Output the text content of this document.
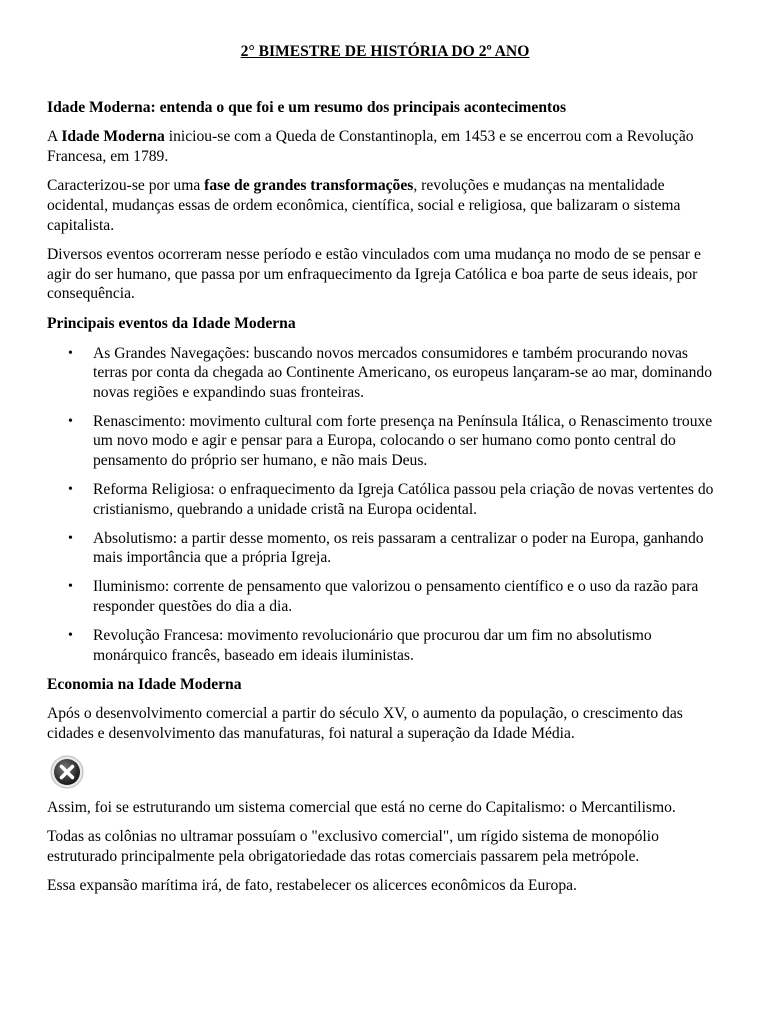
2° BIMESTRE DE HISTÓRIA DO 2º ANO
Idade Moderna: entenda o que foi e um resumo dos principais acontecimentos

A Idade Moderna iniciou-se com a Queda de Constantinopla, em 1453 e se encerrou com a Revolução Francesa, em 1789.

Caracterizou-se por uma fase de grandes transformações, revoluções e mudanças na mentalidade ocidental, mudanças essas de ordem econômica, científica, social e religiosa, que balizaram o sistema capitalista.

Diversos eventos ocorreram nesse período e estão vinculados com uma mudança no modo de se pensar e agir do ser humano, que passa por um enfraquecimento da Igreja Católica e boa parte de seus ideais, por consequência.

Principais eventos da Idade Moderna
• As Grandes Navegações: buscando novos mercados consumidores e também procurando novas terras por conta da chegada ao Continente Americano, os europeus lançaram-se ao mar, dominando novas regiões e expandindo suas fronteiras.
• Renascimento: movimento cultural com forte presença na Península Itálica, o Renascimento trouxe um novo modo e agir e pensar para a Europa, colocando o ser humano como ponto central do pensamento do próprio ser humano, e não mais Deus.
• Reforma Religiosa: o enfraquecimento da Igreja Católica passou pela criação de novas vertentes do cristianismo, quebrando a unidade cristã na Europa ocidental.
• Absolutismo: a partir desse momento, os reis passaram a centralizar o poder na Europa, ganhando mais importância que a própria Igreja.
• Iluminismo: corrente de pensamento que valorizou o pensamento científico e o uso da razão para responder questões do dia a dia.
• Revolução Francesa: movimento revolucionário que procurou dar um fim no absolutismo monárquico francês, baseado em ideais iluministas.
Economia na Idade Moderna

Após o desenvolvimento comercial a partir do século XV, o aumento da população, o crescimento das cidades e desenvolvimento das manufaturas, foi natural a superação da Idade Média.

Assim, foi se estruturando um sistema comercial que está no cerne do Capitalismo: o Mercantilismo.

Todas as colônias no ultramar possuíam o "exclusivo comercial", um rígido sistema de monopólio estruturado principalmente pela obrigatoriedade das rotas comerciais passarem pela metrópole.

Essa expansão marítima irá, de fato, restabelecer os alicerces econômicos da Europa.
